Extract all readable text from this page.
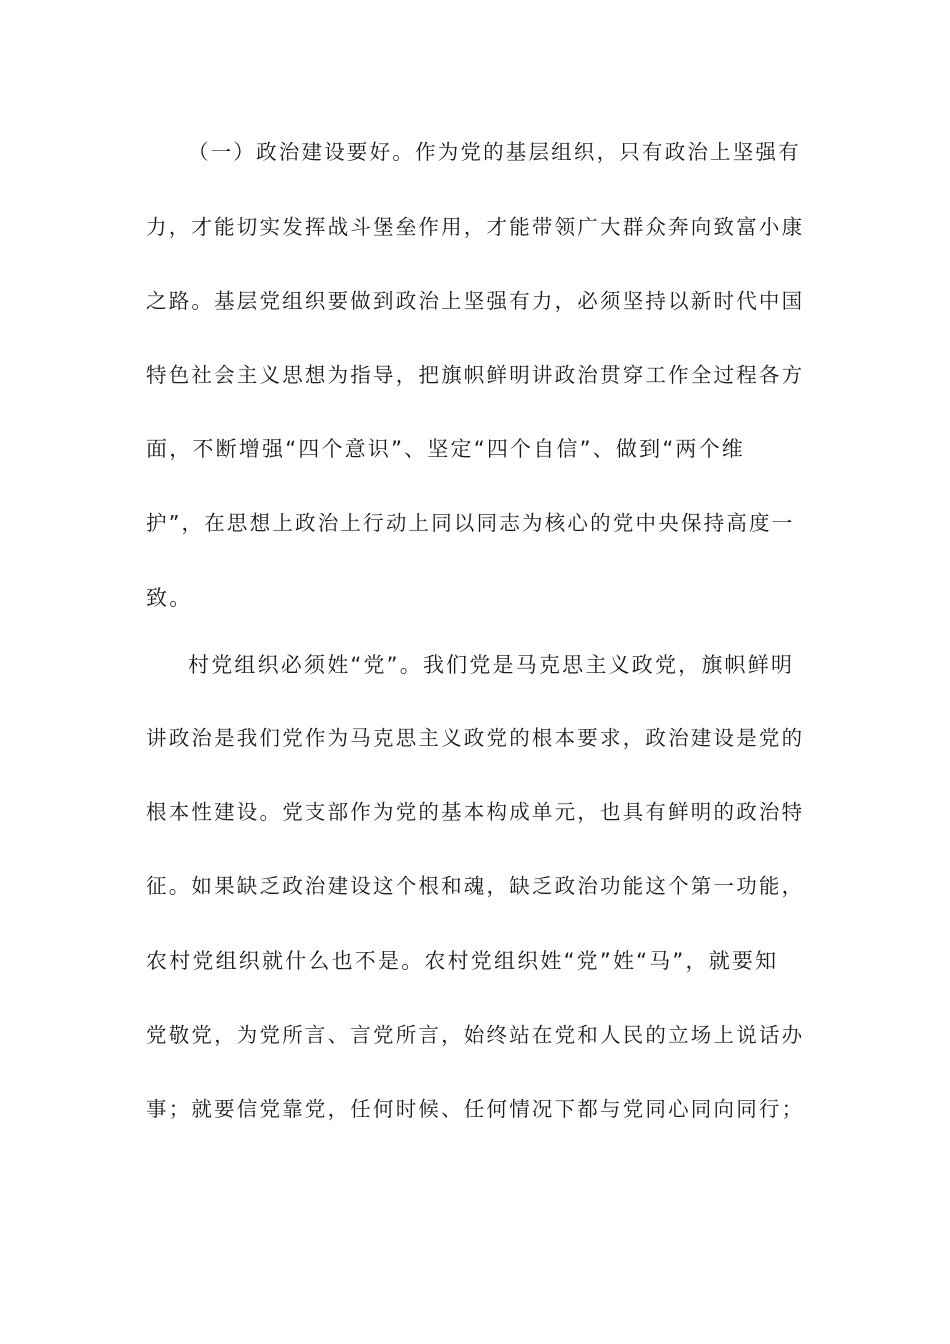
（一）政治建设要好。作为党的基层组织，只有政治上坚强有
力，才能切实发挥战斗堡垒作用，才能带领广大群众奔向致富小康
之路。基层党组织要做到政治上坚强有力，必须坚持以新时代中国
特色社会主义思想为指导，把旗帜鲜明讲政治贯穿工作全过程各方
面，不断增强“四个意识”、坚定“四个自信”、做到“两个维
护”，在思想上政治上行动上同以同志为核心的党中央保持高度一
致。
村党组织必须姓“党”。我们党是马克思主义政党，旗帜鲜明
讲政治是我们党作为马克思主义政党的根本要求，政治建设是党的
根本性建设。党支部作为党的基本构成单元，也具有鲜明的政治特
征。如果缺乏政治建设这个根和魂，缺乏政治功能这个第一功能，
农村党组织就什么也不是。农村党组织姓“党”姓“马”，就要知
党敬党，为党所言、言党所言，始终站在党和人民的立场上说话办
事；就要信党靠党，任何时候、任何情况下都与党同心同向同行；
